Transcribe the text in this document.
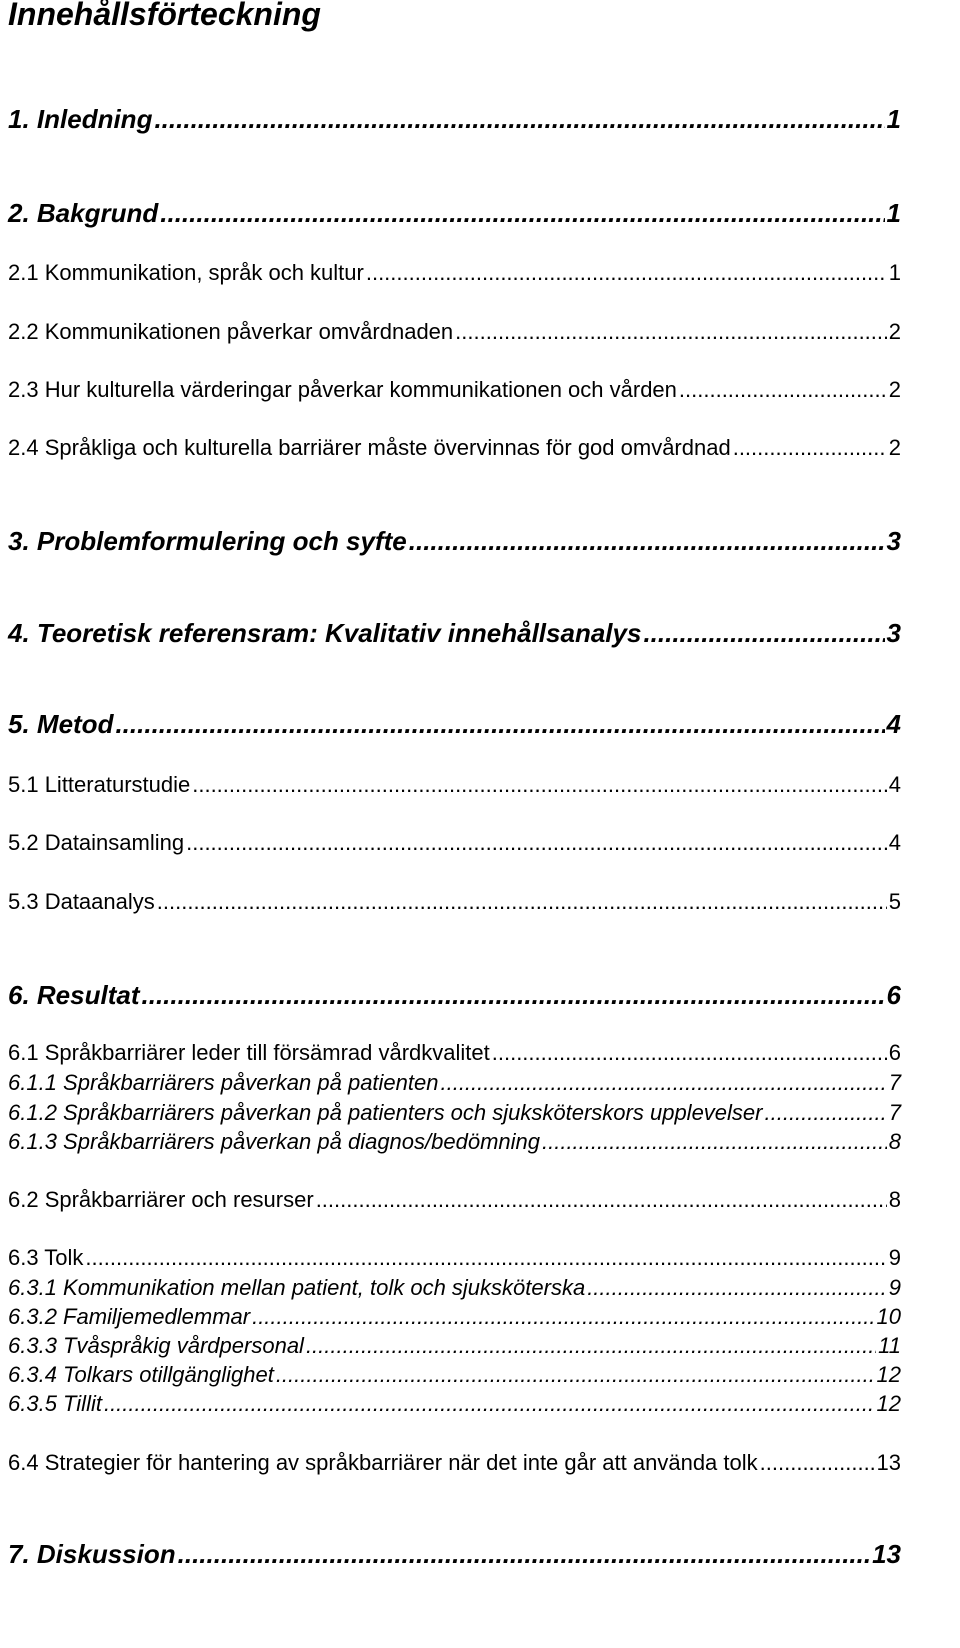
Innehållsförteckning
1. Inledning .....	1
2. Bakgrund .....	1
2.1 Kommunikation, språk och kultur .....	1
2.2 Kommunikationen påverkar omvårdnaden .....	2
2.3 Hur kulturella värderingar påverkar kommunikationen och vården .....	2
2.4 Språkliga och kulturella barriärer måste övervinnas för god omvårdnad .....	2
3. Problemformulering och syfte .....	3
4. Teoretisk referensram: Kvalitativ innehållsanalys .....	3
5. Metod .....	4
5.1 Litteraturstudie .....	4
5.2 Datainsamling .....	4
5.3 Dataanalys .....	5
6. Resultat .....	6
6.1 Språkbarriärer leder till försämrad vårdkvalitet .....	6
6.1.1 Språkbarriärers påverkan på patienten .....	7
6.1.2 Språkbarriärers påverkan på patienters och sjuksköterskors upplevelser .....	7
6.1.3 Språkbarriärers påverkan på diagnos/bedömning .....	8
6.2 Språkbarriärer och resurser .....	8
6.3 Tolk .....	9
6.3.1 Kommunikation mellan patient, tolk och sjuksköterska .....	9
6.3.2 Familjemedlemmar .....	10
6.3.3 Tvåspråkig vårdpersonal .....	11
6.3.4 Tolkars otillgänglighet .....	12
6.3.5 Tillit .....	12
6.4 Strategier för hantering av språkbarriärer när det inte går att använda tolk .....	13
7. Diskussion .....	13
